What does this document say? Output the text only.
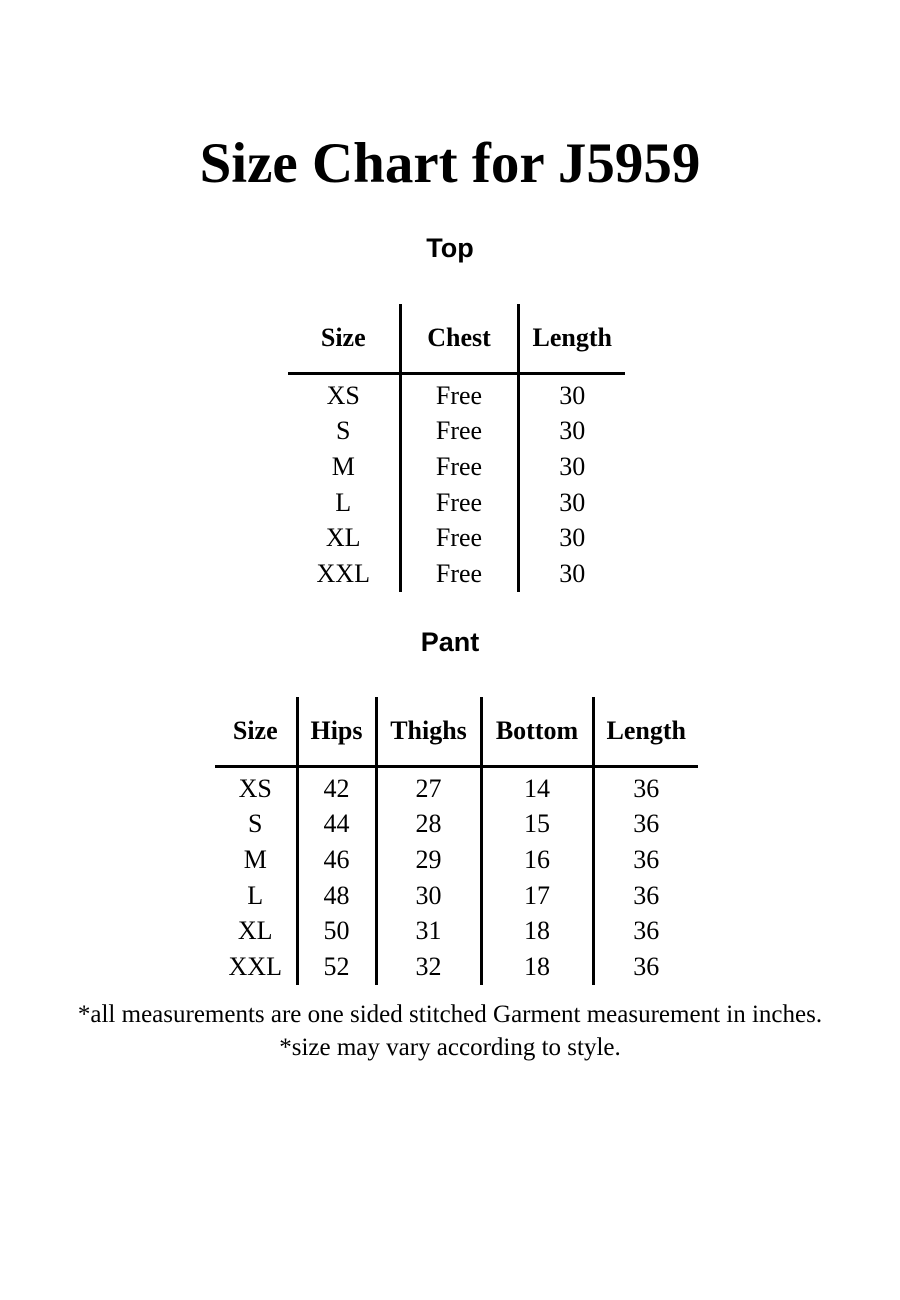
Size Chart for J5959
Top
Size	Chest	Length
XS	Free	30
S	Free	30
M	Free	30
L	Free	30
XL	Free	30
XXL	Free	30
Pant
Size	Hips	Thighs	Bottom	Length
XS	42	27	14	36
S	44	28	15	36
M	46	29	16	36
L	48	30	17	36
XL	50	31	18	36
XXL	52	32	18	36
*all measurements are one sided stitched Garment measurement in inches.
*size may vary according to style.
